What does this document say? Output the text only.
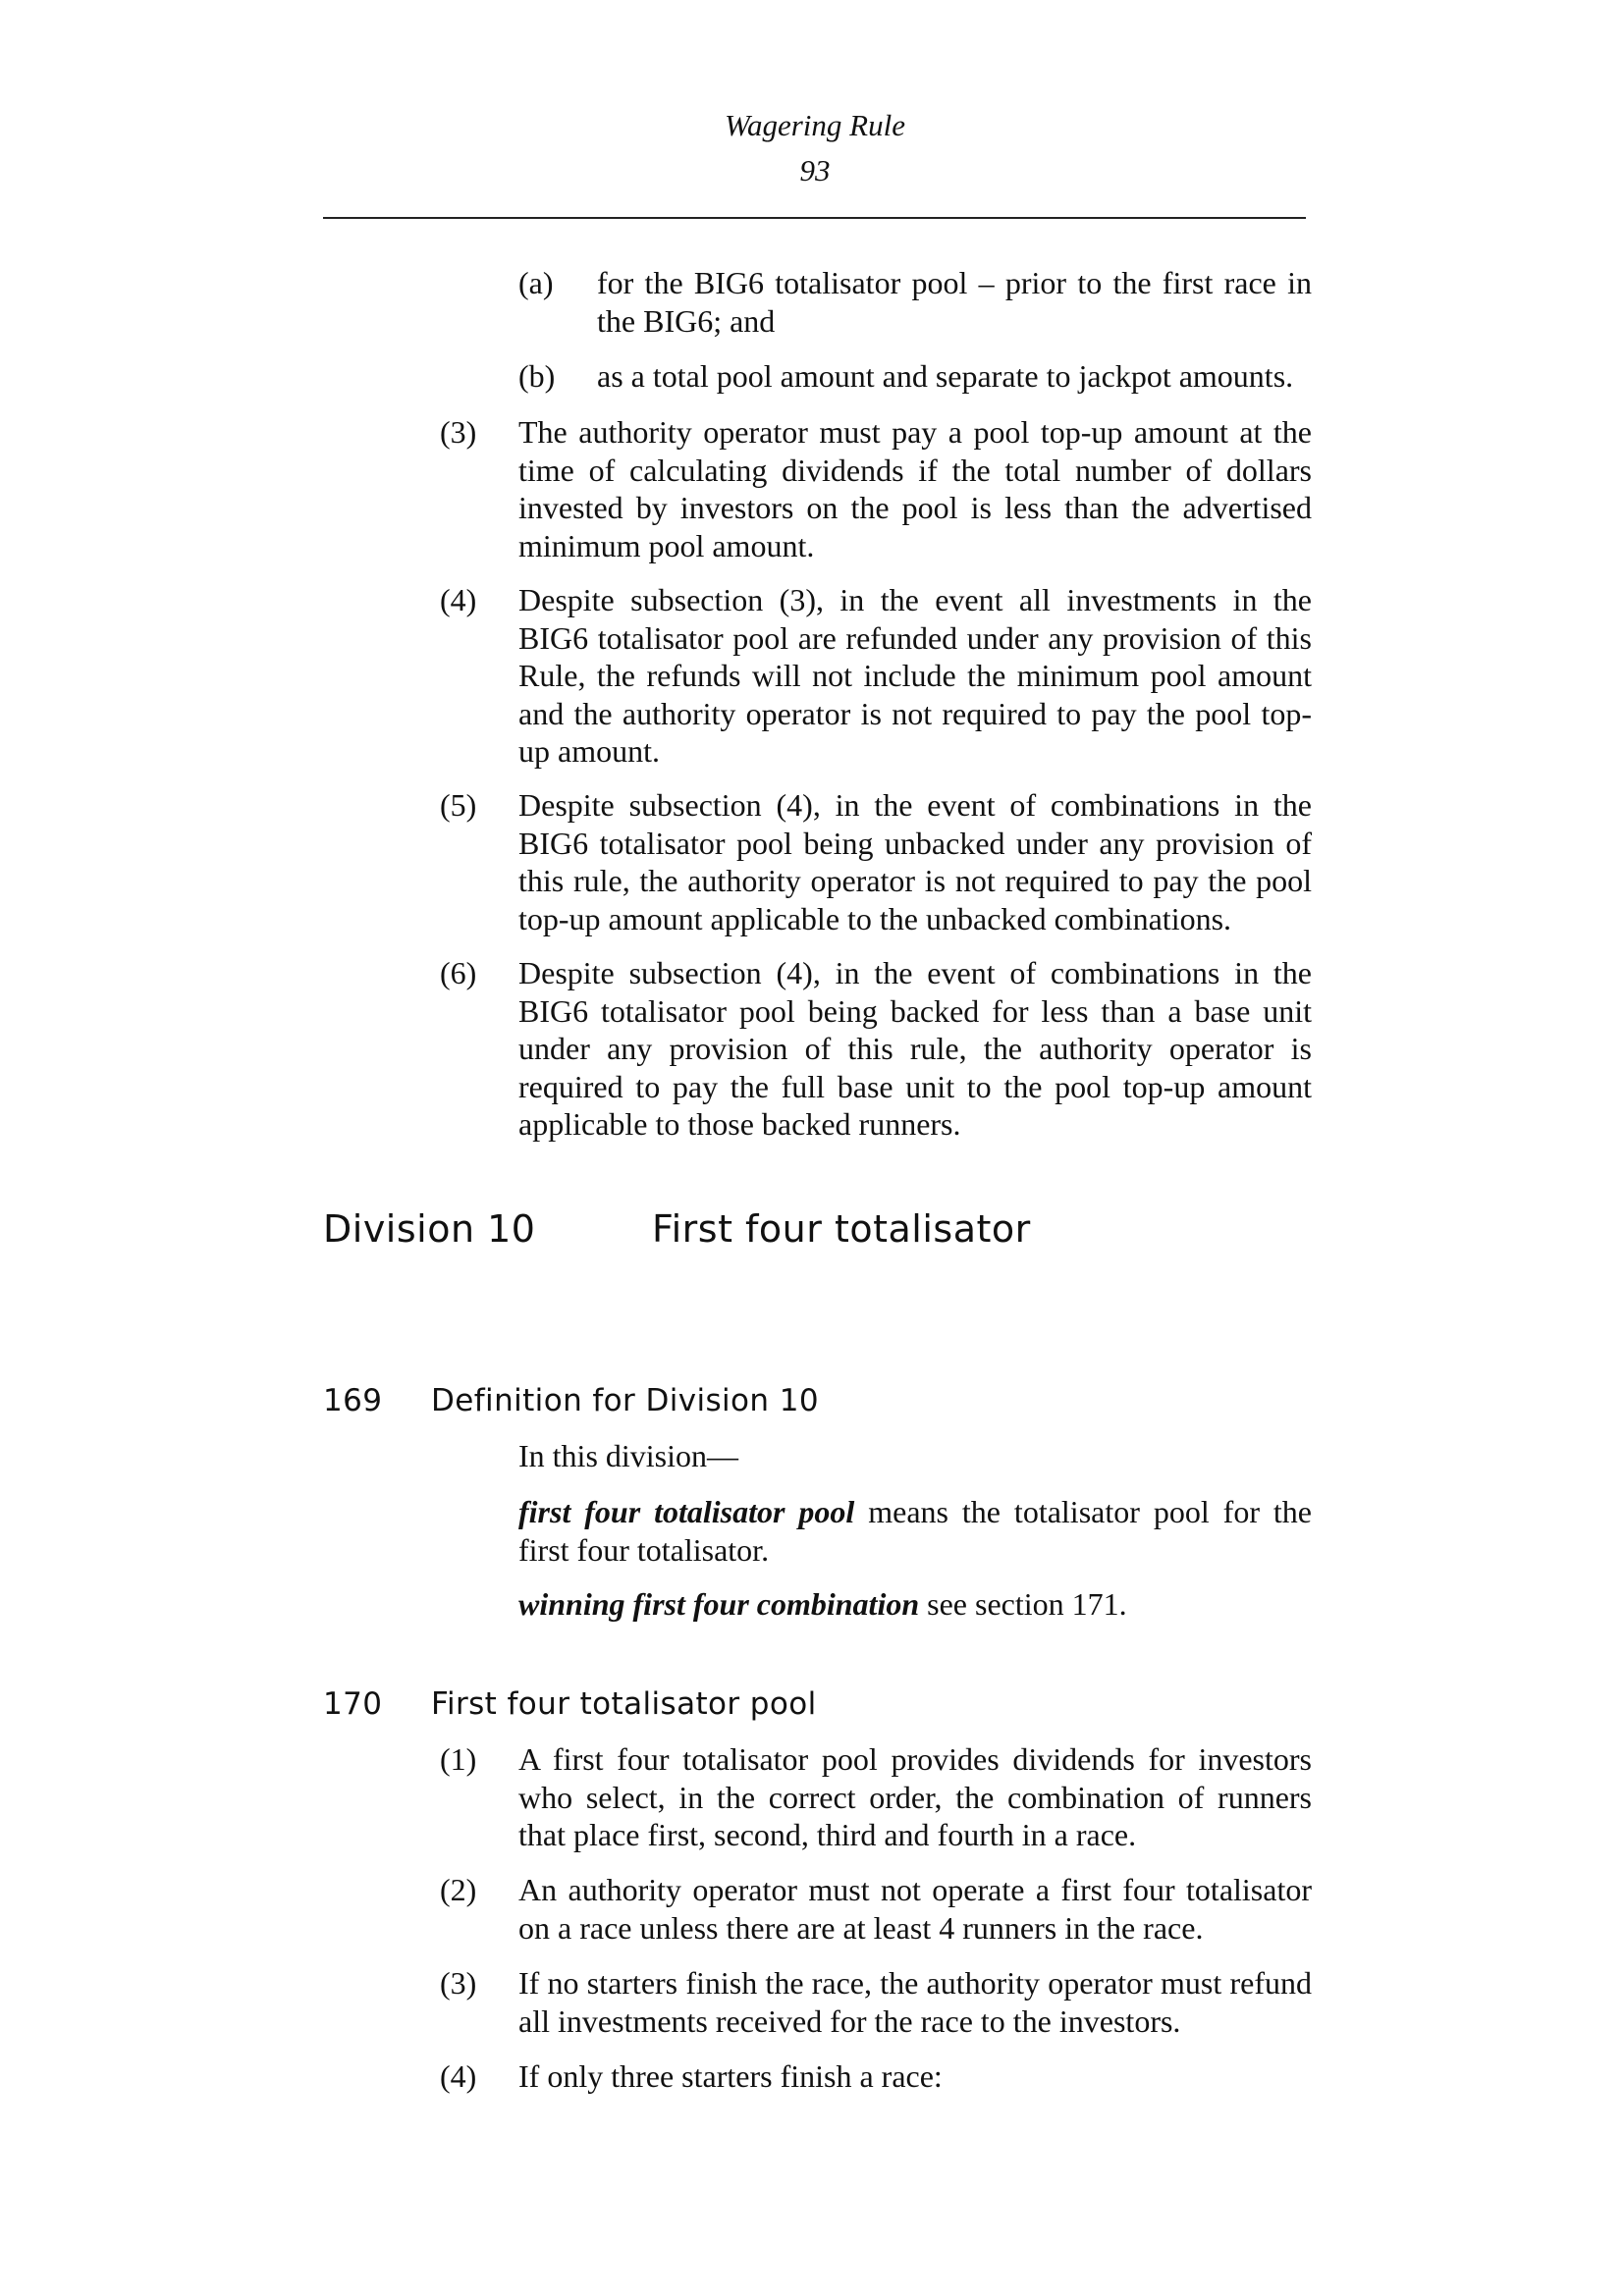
Wagering Rule
93
(a) for the BIG6 totalisator pool – prior to the first race in the BIG6; and
(b) as a total pool amount and separate to jackpot amounts.
(3) The authority operator must pay a pool top-up amount at the time of calculating dividends if the total number of dollars invested by investors on the pool is less than the advertised minimum pool amount.
(4) Despite subsection (3), in the event all investments in the BIG6 totalisator pool are refunded under any provision of this Rule, the refunds will not include the minimum pool amount and the authority operator is not required to pay the pool top-up amount.
(5) Despite subsection (4), in the event of combinations in the BIG6 totalisator pool being unbacked under any provision of this rule, the authority operator is not required to pay the pool top-up amount applicable to the unbacked combinations.
(6) Despite subsection (4), in the event of combinations in the BIG6 totalisator pool being backed for less than a base unit under any provision of this rule, the authority operator is required to pay the full base unit to the pool top-up amount applicable to those backed runners.
Division 10	First four totalisator
169 Definition for Division 10
In this division—
first four totalisator pool means the totalisator pool for the first four totalisator.
winning first four combination see section 171.
170 First four totalisator pool
(1) A first four totalisator pool provides dividends for investors who select, in the correct order, the combination of runners that place first, second, third and fourth in a race.
(2) An authority operator must not operate a first four totalisator on a race unless there are at least 4 runners in the race.
(3) If no starters finish the race, the authority operator must refund all investments received for the race to the investors.
(4) If only three starters finish a race:
